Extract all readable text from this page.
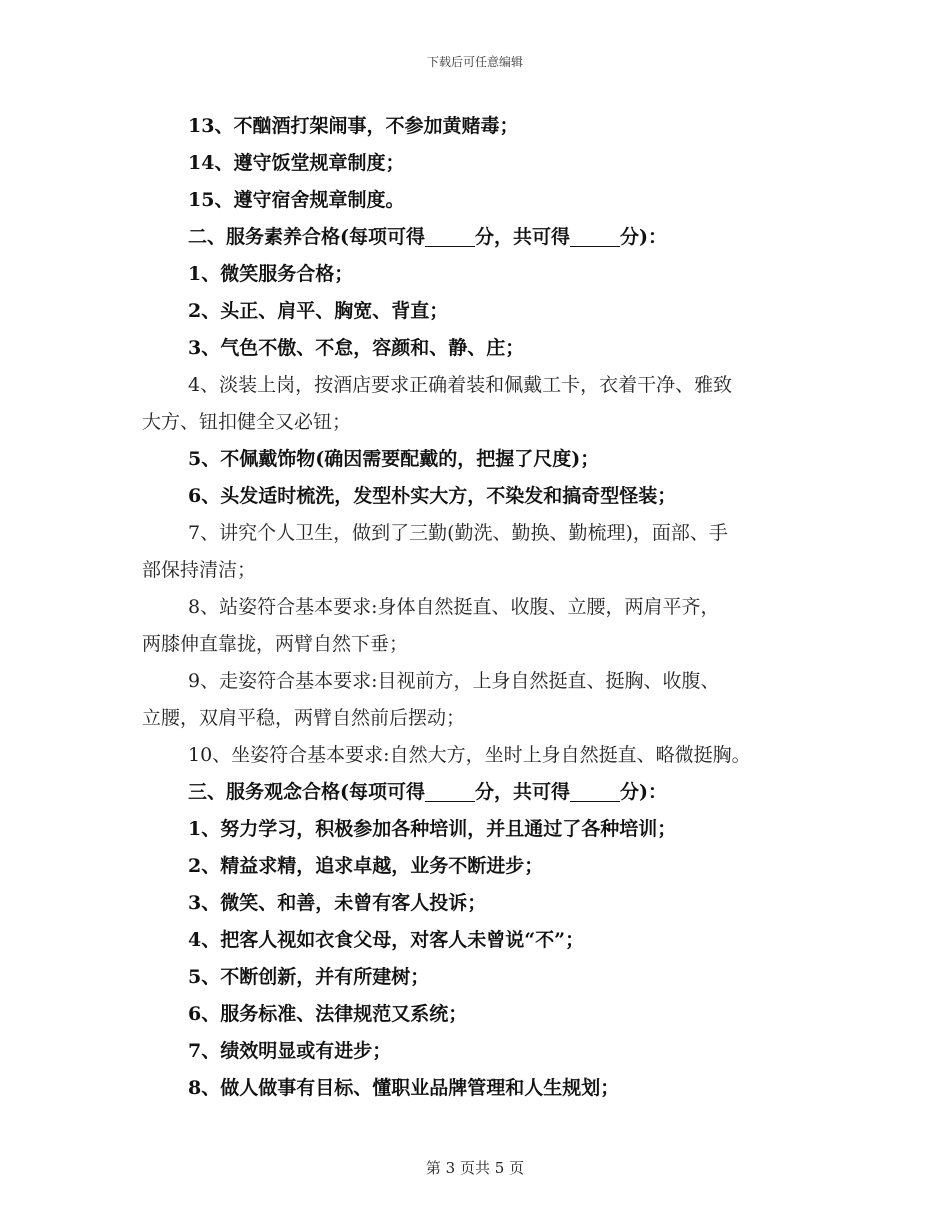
下载后可任意编辑
13、不酗酒打架闹事，不参加黄赌毒；
14、遵守饭堂规章制度；
15、遵守宿舍规章制度。
二、服务素养合格(每项可得	分，共可得	分)：
1、微笑服务合格；
2、头正、肩平、胸宽、背直；
3、气色不傲、不怠，容颜和、静、庄；
4、淡装上岗，按酒店要求正确着装和佩戴工卡，衣着干净、雅致
大方、钮扣健全又必钮；
5、不佩戴饰物(确因需要配戴的，把握了尺度)；
6、头发适时梳洗，发型朴实大方，不染发和搞奇型怪装；
7、讲究个人卫生，做到了三勤(勤洗、勤换、勤梳理)，面部、手
部保持清洁；
8、站姿符合基本要求:身体自然挺直、收腹、立腰，两肩平齐，
两膝伸直靠拢，两臂自然下垂；
9、走姿符合基本要求:目视前方，上身自然挺直、挺胸、收腹、
立腰，双肩平稳，两臂自然前后摆动；
10、坐姿符合基本要求:自然大方，坐时上身自然挺直、略微挺胸。
三、服务观念合格(每项可得	分，共可得	分)：
1、努力学习，积极参加各种培训，并且通过了各种培训；
2、精益求精，追求卓越，业务不断进步；
3、微笑、和善，未曾有客人投诉；
4、把客人视如衣食父母，对客人未曾说“不”；
5、不断创新，并有所建树；
6、服务标准、法律规范又系统；
7、绩效明显或有进步；
8、做人做事有目标、懂职业品牌管理和人生规划；
第 3 页共 5 页
